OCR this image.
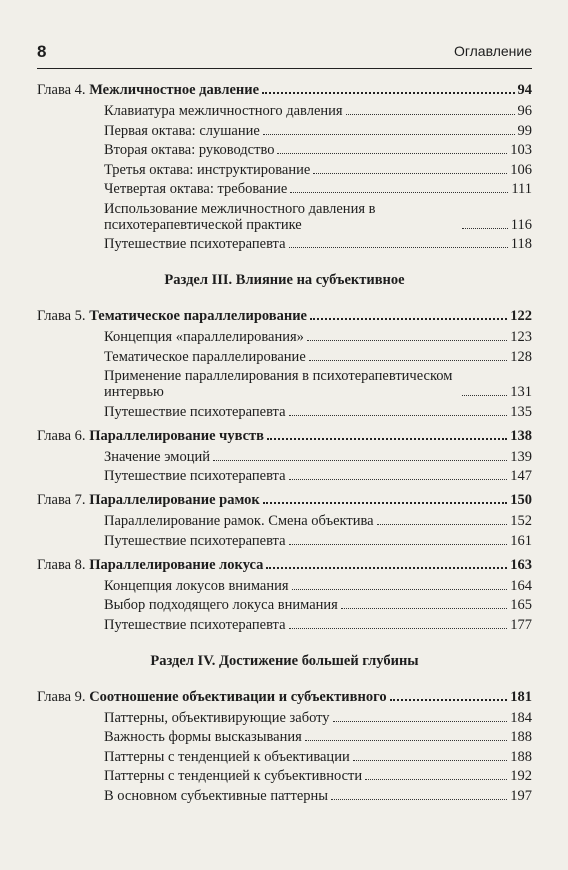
8	Оглавление
Глава 4. Межличностное давление	94
Клавиатура межличностного давления	96
Первая октава: слушание	99
Вторая октава: руководство	103
Третья октава: инструктирование	106
Четвертая октава: требование	111
Использование межличностного давления в психотерапевтической практике	116
Путешествие психотерапевта	118
Раздел III. Влияние на субъективное
Глава 5. Тематическое параллелирование	122
Концепция «параллелирования»	123
Тематическое параллелирование	128
Применение параллелирования в психотерапевтическом интервью	131
Путешествие психотерапевта	135
Глава 6. Параллелирование чувств	138
Значение эмоций	139
Путешествие психотерапевта	147
Глава 7. Параллелирование рамок	150
Параллелирование рамок. Смена объектива	152
Путешествие психотерапевта	161
Глава 8. Параллелирование локуса	163
Концепция локусов внимания	164
Выбор подходящего локуса внимания	165
Путешествие психотерапевта	177
Раздел IV. Достижение большей глубины
Глава 9. Соотношение объективации и субъективного	181
Паттерны, объективирующие заботу	184
Важность формы высказывания	188
Паттерны с тенденцией к объективации	188
Паттерны с тенденцией к субъективности	192
В основном субъективные паттерны	197
